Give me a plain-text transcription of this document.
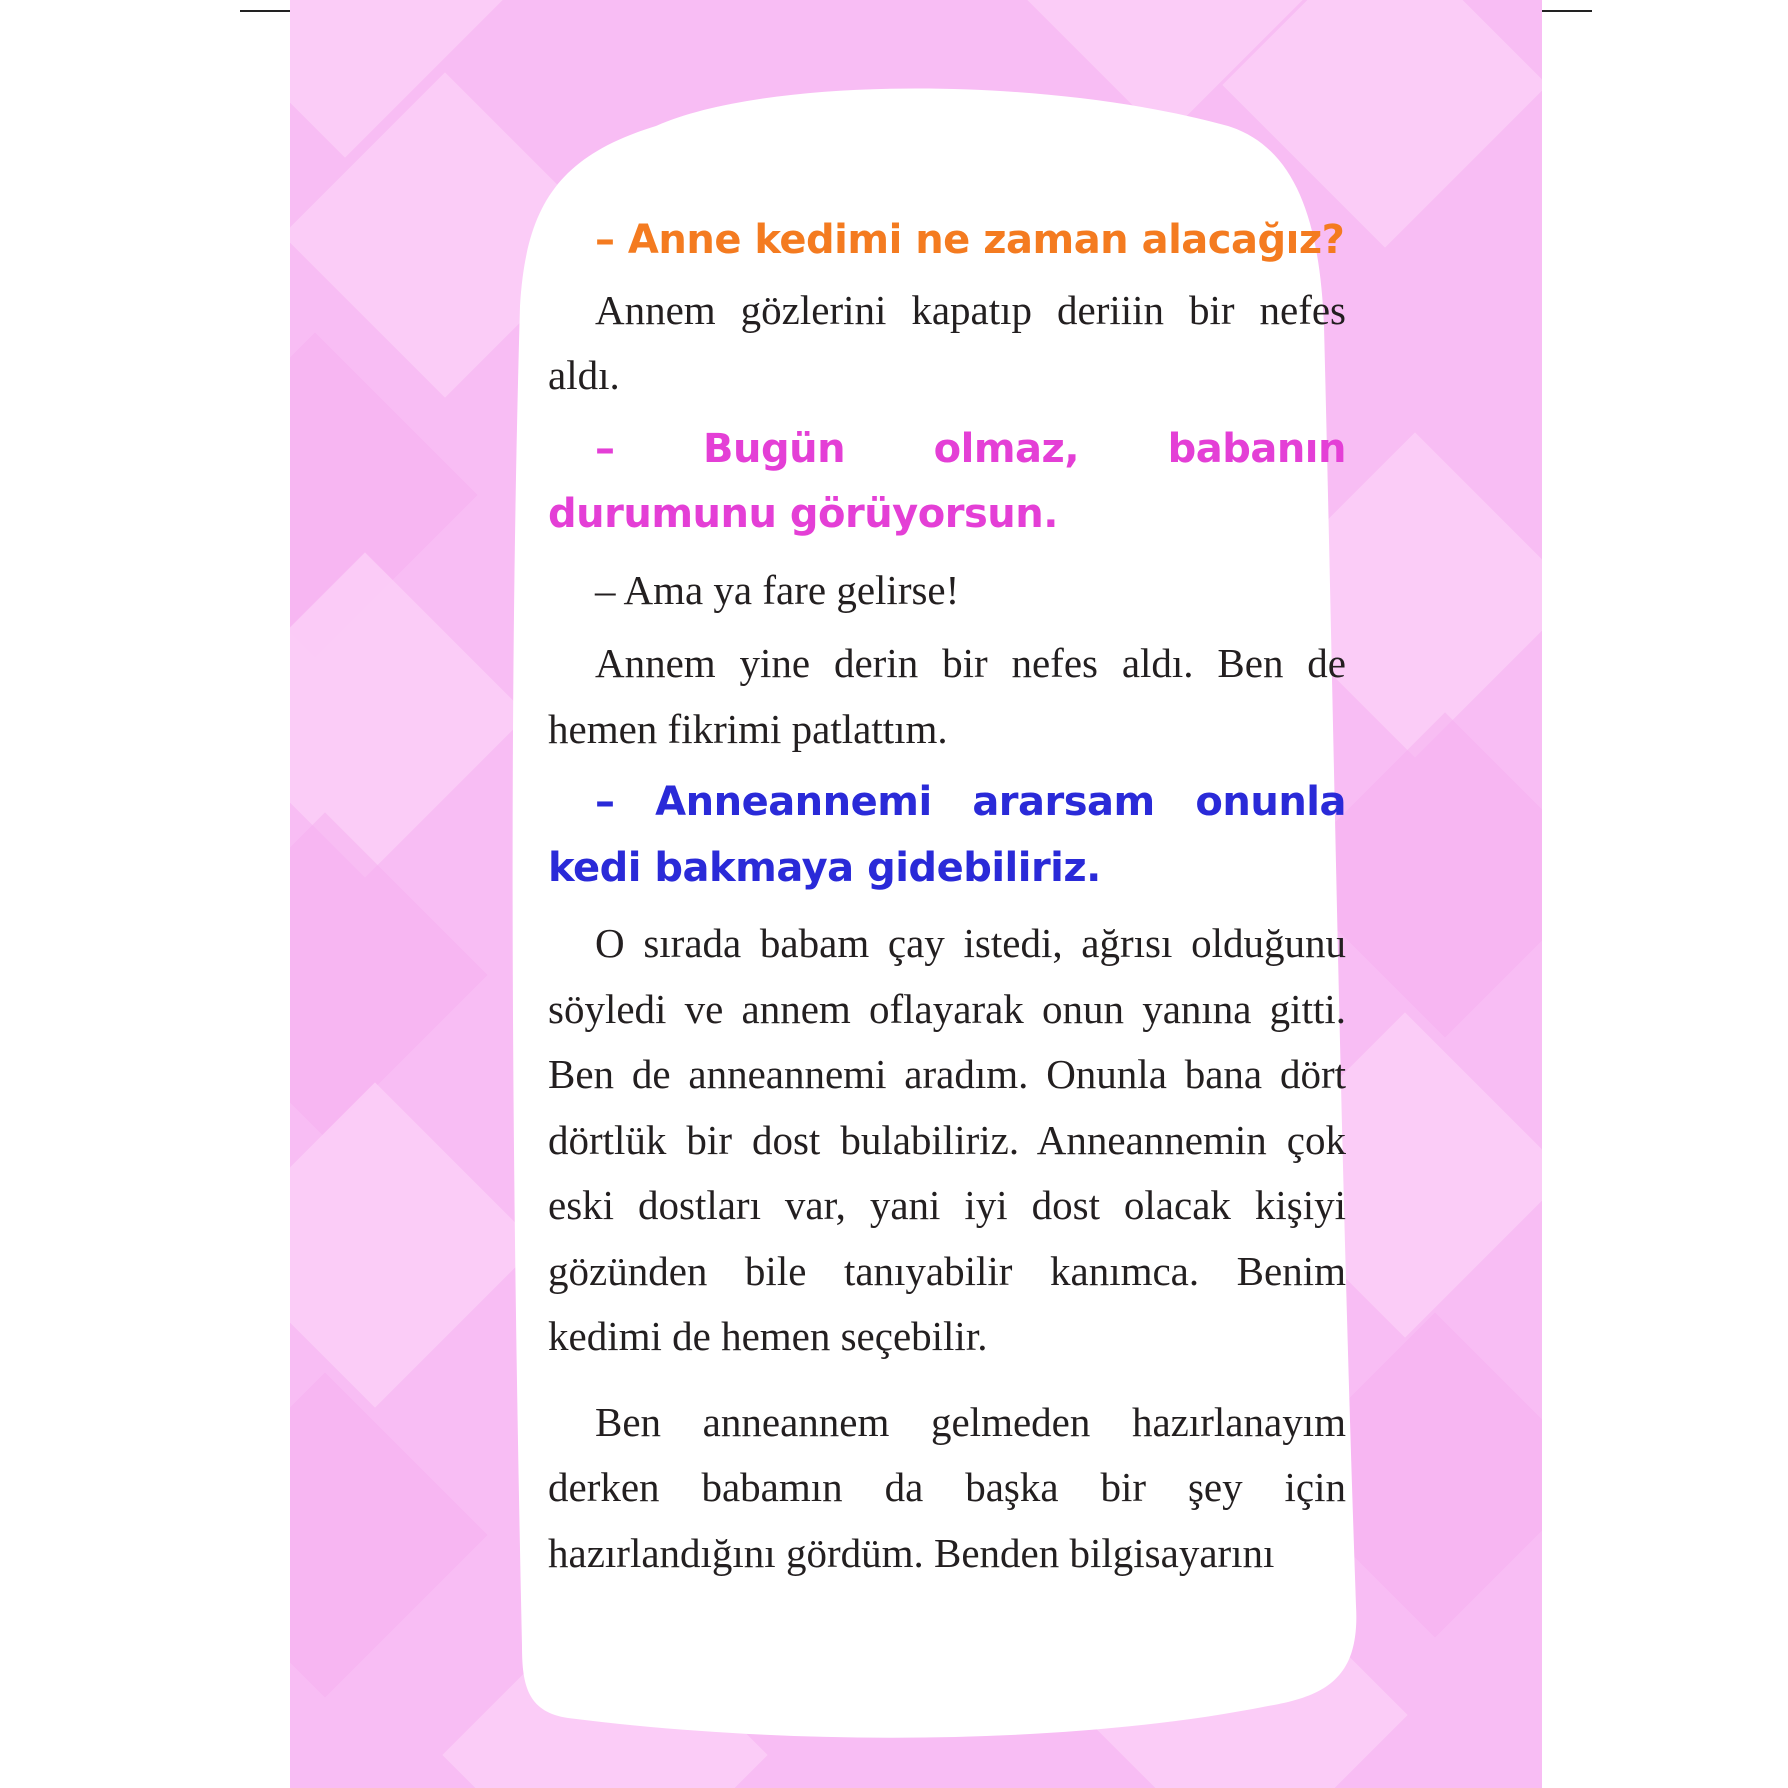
– Anne kedimi ne zaman alacağız?

Annem gözlerini kapatıp deriiin bir nefes aldı.

– Bugün olmaz, babanın durumunu görüyorsun.

– Ama ya fare gelirse!

Annem yine derin bir nefes aldı. Ben de hemen fikrimi patlattım.

– Anneannemi ararsam onunla kedi bakmaya gidebiliriz.

O sırada babam çay istedi, ağrısı olduğunu söyledi ve annem oflayarak onun yanına gitti. Ben de anneannemi aradım. Onunla bana dört dörtlük bir dost bulabiliriz. Anneannemin çok eski dostları var, yani iyi dost olacak kişiyi gözünden bile tanıyabilir kanımca. Benim kedimi de hemen seçebilir.

Ben anneannem gelmeden hazırlanayım derken babamın da başka bir şey için hazırlandığını gördüm. Benden bilgisayarını
